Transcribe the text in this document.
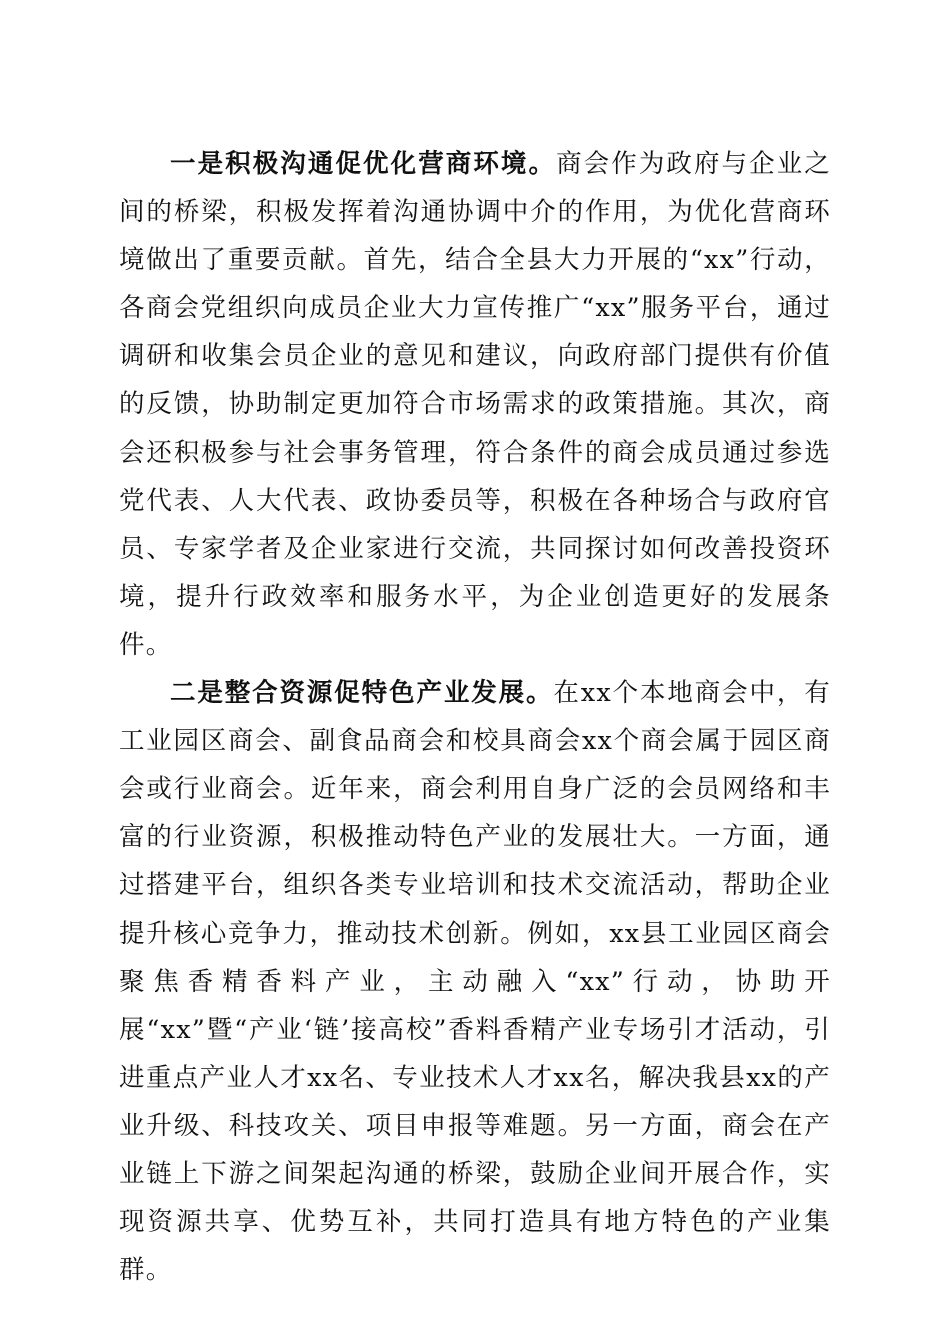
一是积极沟通促优化营商环境。商会作为政府与企业之间的桥梁，积极发挥着沟通协调中介的作用，为优化营商环境做出了重要贡献。首先，结合全县大力开展的“xx”行动，各商会党组织向成员企业大力宣传推广“xx”服务平台，通过调研和收集会员企业的意见和建议，向政府部门提供有价值的反馈，协助制定更加符合市场需求的政策措施。其次，商会还积极参与社会事务管理，符合条件的商会成员通过参选党代表、人大代表、政协委员等，积极在各种场合与政府官员、专家学者及企业家进行交流，共同探讨如何改善投资环境，提升行政效率和服务水平，为企业创造更好的发展条件。

二是整合资源促特色产业发展。在xx个本地商会中，有工业园区商会、副食品商会和校具商会xx个商会属于园区商会或行业商会。近年来，商会利用自身广泛的会员网络和丰富的行业资源，积极推动特色产业的发展壮大。一方面，通过搭建平台，组织各类专业培训和技术交流活动，帮助企业提升核心竞争力，推动技术创新。例如，xx县工业园区商会聚焦香精香料产业，主动融入“xx”行动，协助开展“xx”暨“产业‘链’接高校”香料香精产业专场引才活动，引进重点产业人才xx名、专业技术人才xx名，解决我县xx的产业升级、科技攻关、项目申报等难题。另一方面，商会在产业链上下游之间架起沟通的桥梁，鼓励企业间开展合作，实现资源共享、优势互补，共同打造具有地方特色的产业集群。
